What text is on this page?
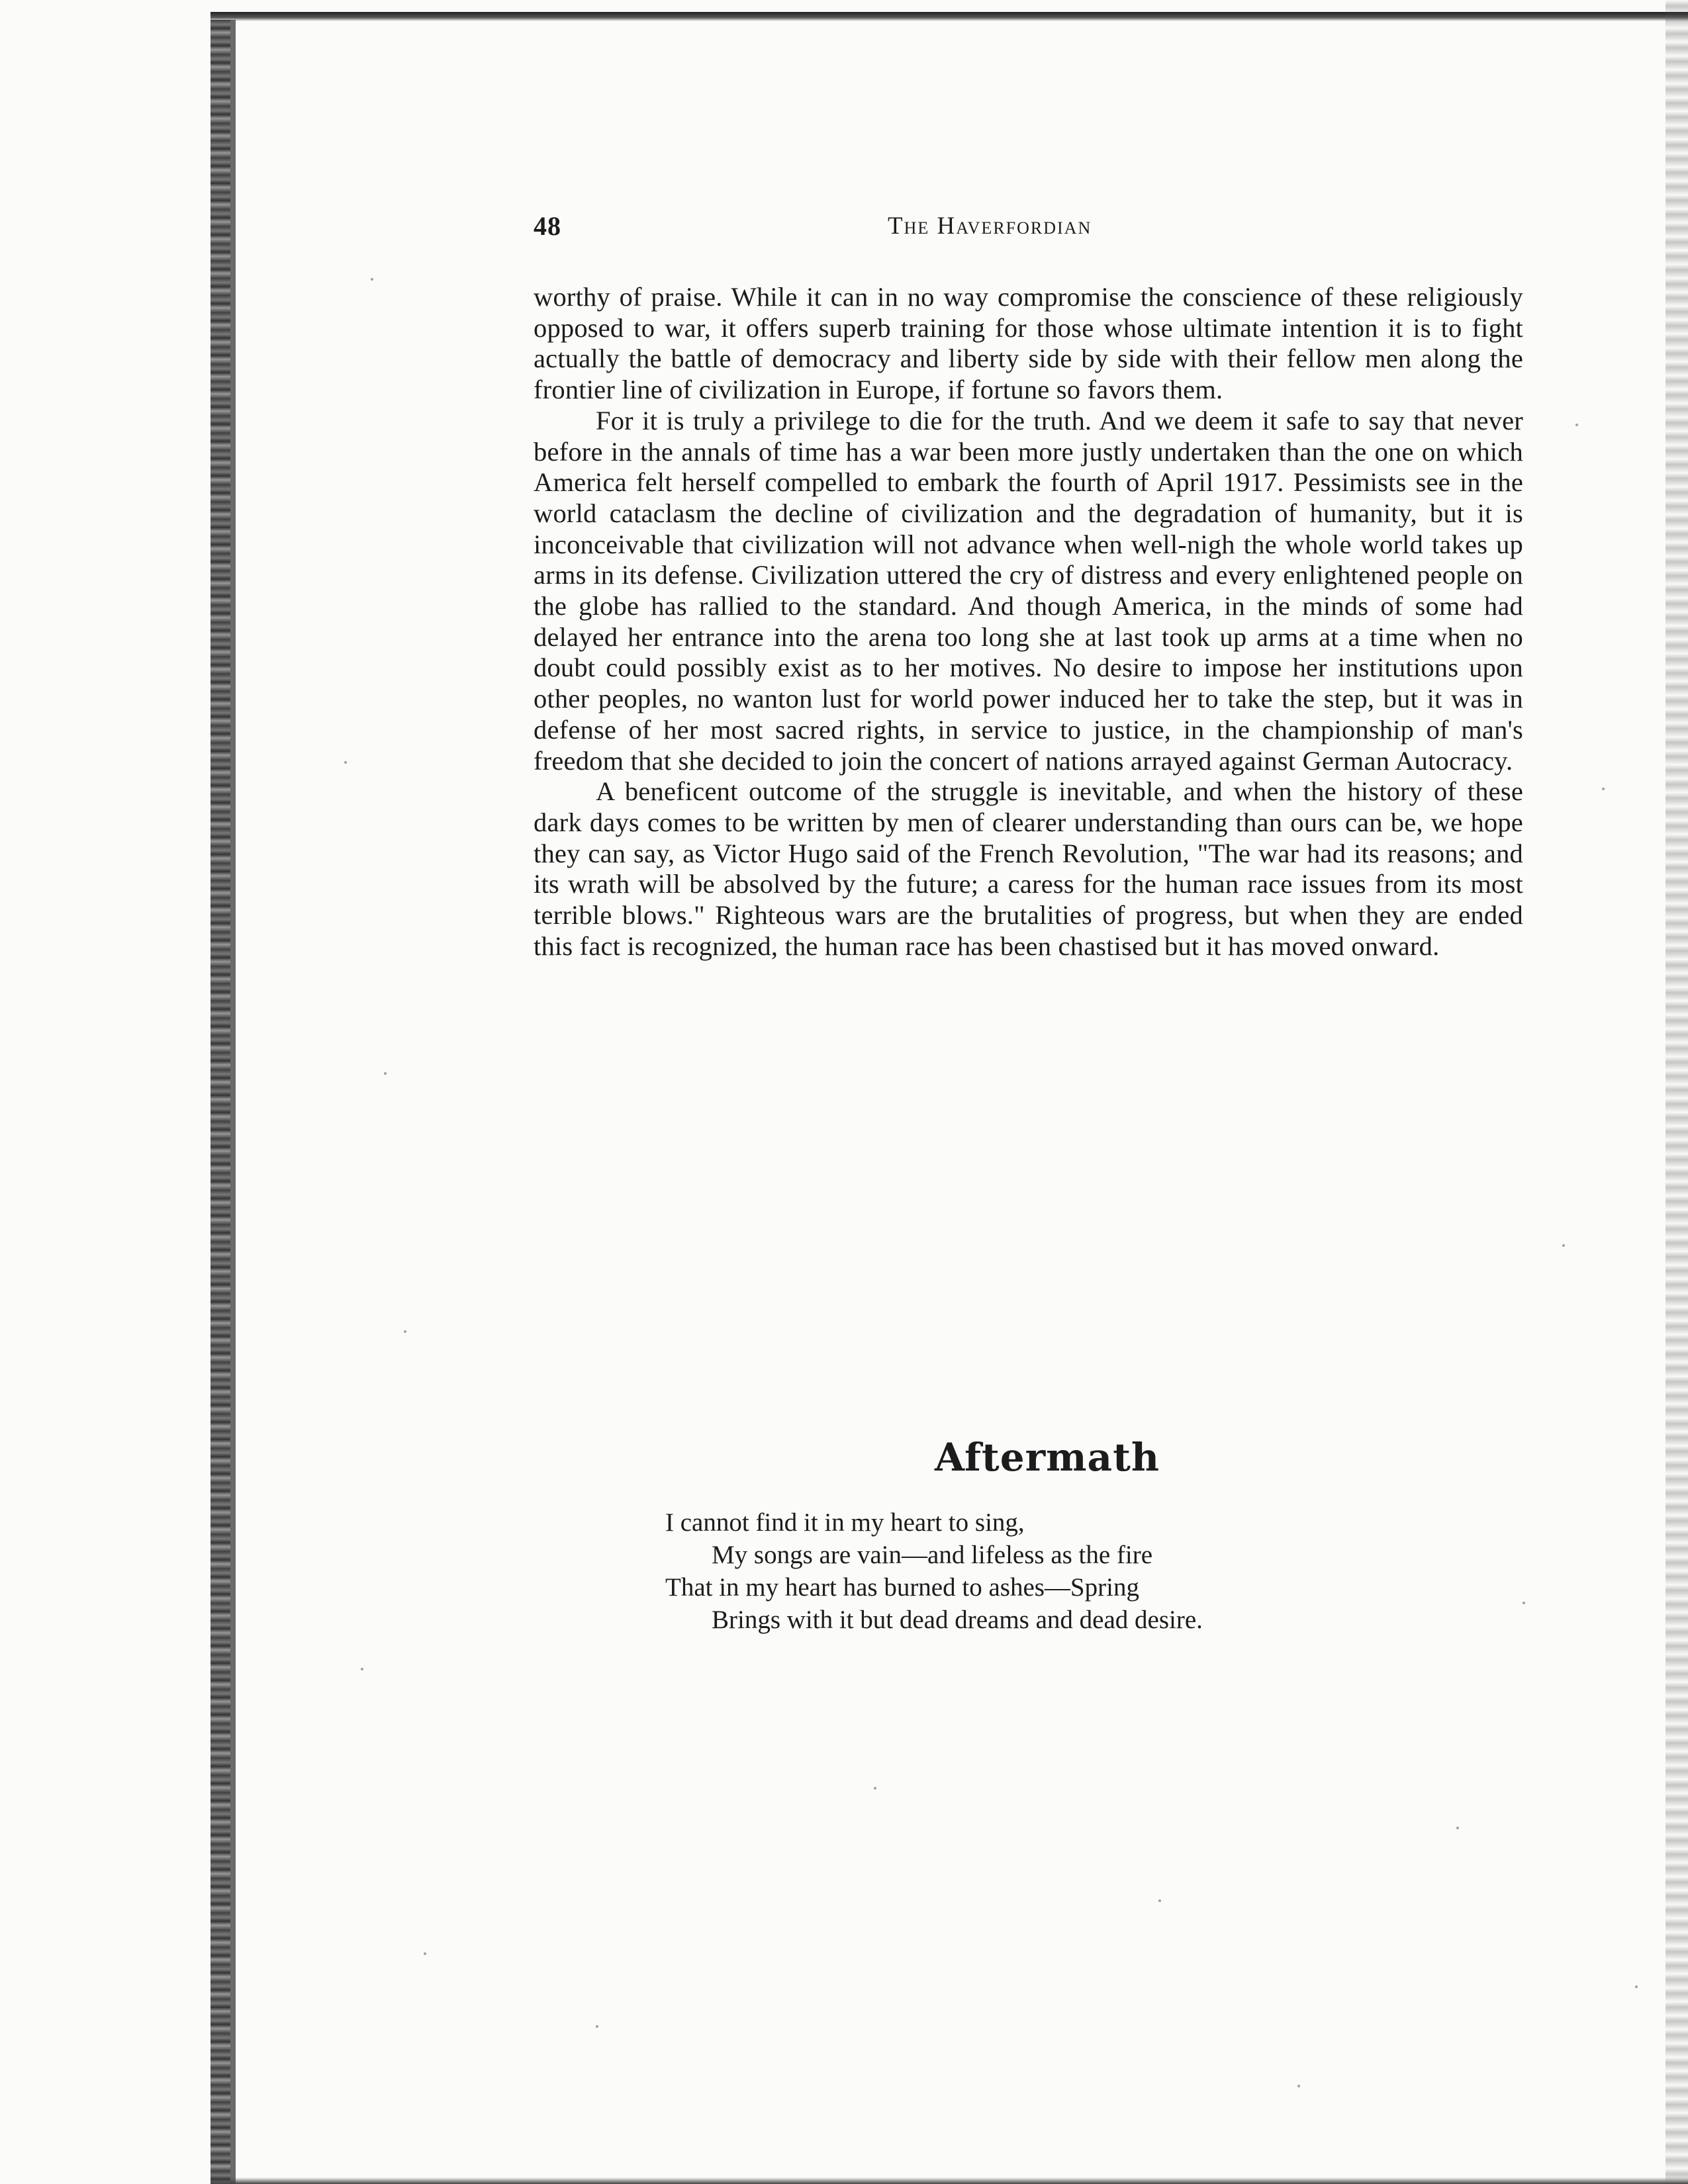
48	The Haverfordian

worthy of praise. While it can in no way compromise the conscience of these religiously opposed to war, it offers superb training for those whose ultimate intention it is to fight actually the battle of democracy and liberty side by side with their fellow men along the frontier line of civilization in Europe, if fortune so favors them.

For it is truly a privilege to die for the truth. And we deem it safe to say that never before in the annals of time has a war been more justly undertaken than the one on which America felt herself compelled to embark the fourth of April 1917. Pessimists see in the world cataclasm the decline of civilization and the degradation of humanity, but it is inconceivable that civilization will not advance when well-nigh the whole world takes up arms in its defense. Civilization uttered the cry of distress and every enlightened people on the globe has rallied to the standard. And though America, in the minds of some had delayed her entrance into the arena too long she at last took up arms at a time when no doubt could possibly exist as to her motives. No desire to impose her institutions upon other peoples, no wanton lust for world power induced her to take the step, but it was in defense of her most sacred rights, in service to justice, in the championship of man's freedom that she decided to join the concert of nations arrayed against German Autocracy.

A beneficent outcome of the struggle is inevitable, and when the history of these dark days comes to be written by men of clearer understanding than ours can be, we hope they can say, as Victor Hugo said of the French Revolution, "The war had its reasons; and its wrath will be absolved by the future; a caress for the human race issues from its most terrible blows." Righteous wars are the brutalities of progress, but when they are ended this fact is recognized, the human race has been chastised but it has moved onward.

Aftermath
I cannot find it in my heart to sing,
My songs are vain—and lifeless as the fire
That in my heart has burned to ashes—Spring
Brings with it but dead dreams and dead desire.
